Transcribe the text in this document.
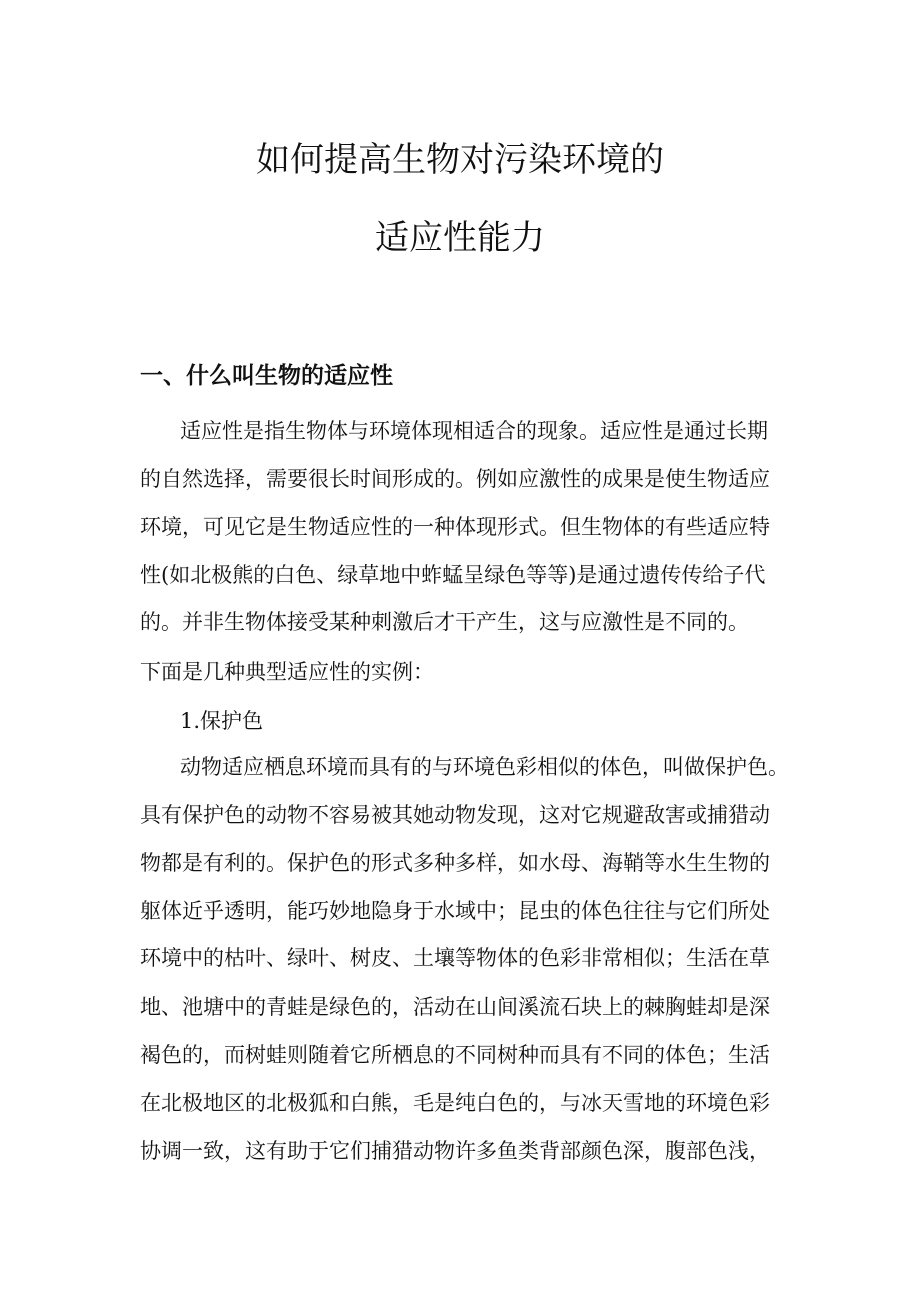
如何提高生物对污染环境的
适应性能力
一、什么叫生物的适应性

适应性是指生物体与环境体现相适合的现象。适应性是通过长期

的自然选择，需要很长时间形成的。例如应激性的成果是使生物适应

环境，可见它是生物适应性的一种体现形式。但生物体的有些适应特

性(如北极熊的白色、绿草地中蚱蜢呈绿色等等)是通过遗传传给子代

的。并非生物体接受某种刺激后才干产生，这与应激性是不同的。

下面是几种典型适应性的实例：

1.保护色

动物适应栖息环境而具有的与环境色彩相似的体色，叫做保护色。

具有保护色的动物不容易被其她动物发现，这对它规避敌害或捕猎动

物都是有利的。保护色的形式多种多样，如水母、海鞘等水生生物的

躯体近乎透明，能巧妙地隐身于水域中；昆虫的体色往往与它们所处

环境中的枯叶、绿叶、树皮、土壤等物体的色彩非常相似；生活在草

地、池塘中的青蛙是绿色的，活动在山间溪流石块上的棘胸蛙却是深

褐色的，而树蛙则随着它所栖息的不同树种而具有不同的体色；生活

在北极地区的北极狐和白熊，毛是纯白色的，与冰天雪地的环境色彩

协调一致，这有助于它们捕猎动物许多鱼类背部颜色深，腹部色浅，
